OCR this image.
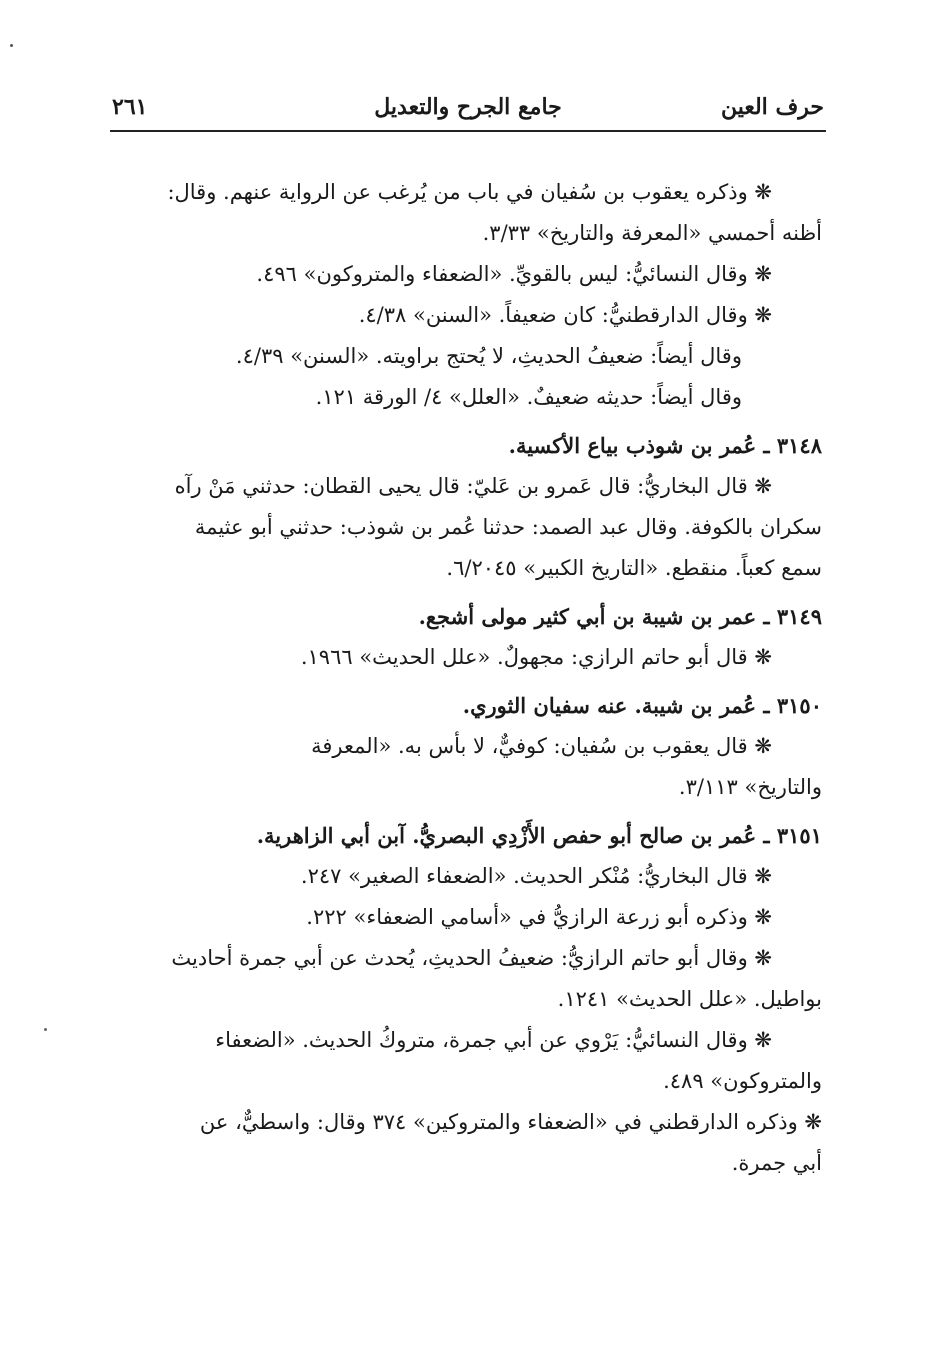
حرف العين
جامع الجرح والتعديل
٢٦١

❋ وذكره يعقوب بن سُفيان في باب من يُرغب عن الرواية عنهم. وقال:

أظنه أحمسي «المعرفة والتاريخ» ٣/٣٣.

❋ وقال النسائيُّ: ليس بالقويِّ. «الضعفاء والمتروكون» ٤٩٦.

❋ وقال الدارقطنيُّ: كان ضعيفاً. «السنن» ٤/٣٨.

وقال أيضاً: ضعيفُ الحديثِ، لا يُحتج براويته. «السنن» ٤/٣٩.

وقال أيضاً: حديثه ضعيفٌ. «العلل» ٤/ الورقة ١٢١.

٣١٤٨ ـ عُمر بن شوذب بياع الأكسية.

❋ قال البخاريُّ: قال عَمرو بن عَليّ: قال يحيى القطان: حدثني مَنْ رآه

سكران بالكوفة. وقال عبد الصمد: حدثنا عُمر بن شوذب: حدثني أبو عثيمة

سمع كعباً. منقطع. «التاريخ الكبير» ٦/٢٠٤٥.

٣١٤٩ ـ عمر بن شيبة بن أبي كثير مولى أشجع.

❋ قال أبو حاتم الرازي: مجهولٌ. «علل الحديث» ١٩٦٦.

٣١٥٠ ـ عُمر بن شيبة. عنه سفيان الثوري.

❋ قال يعقوب بن سُفيان: كوفيٌّ، لا بأس به. «المعرفة

والتاريخ» ٣/١١٣.

٣١٥١ ـ عُمر بن صالح أبو حفص الأَزْدِي البصريُّ. آبن أبي الزاهرية.

❋ قال البخاريُّ: مُنْكر الحديث. «الضعفاء الصغير» ٢٤٧.

❋ وذكره أبو زرعة الرازيُّ في «أسامي الضعفاء» ٢٢٢.

❋ وقال أبو حاتم الرازيُّ: ضعيفُ الحديثِ، يُحدث عن أبي جمرة أحاديث

بواطيل. «علل الحديث» ١٢٤١.

❋ وقال النسائيُّ: يَرْوي عن أبي جمرة، متروكُ الحديث. «الضعفاء

والمتروكون» ٤٨٩.

❋ وذكره الدارقطني في «الضعفاء والمتروكين» ٣٧٤ وقال: واسطيٌّ، عن

أبي جمرة.
